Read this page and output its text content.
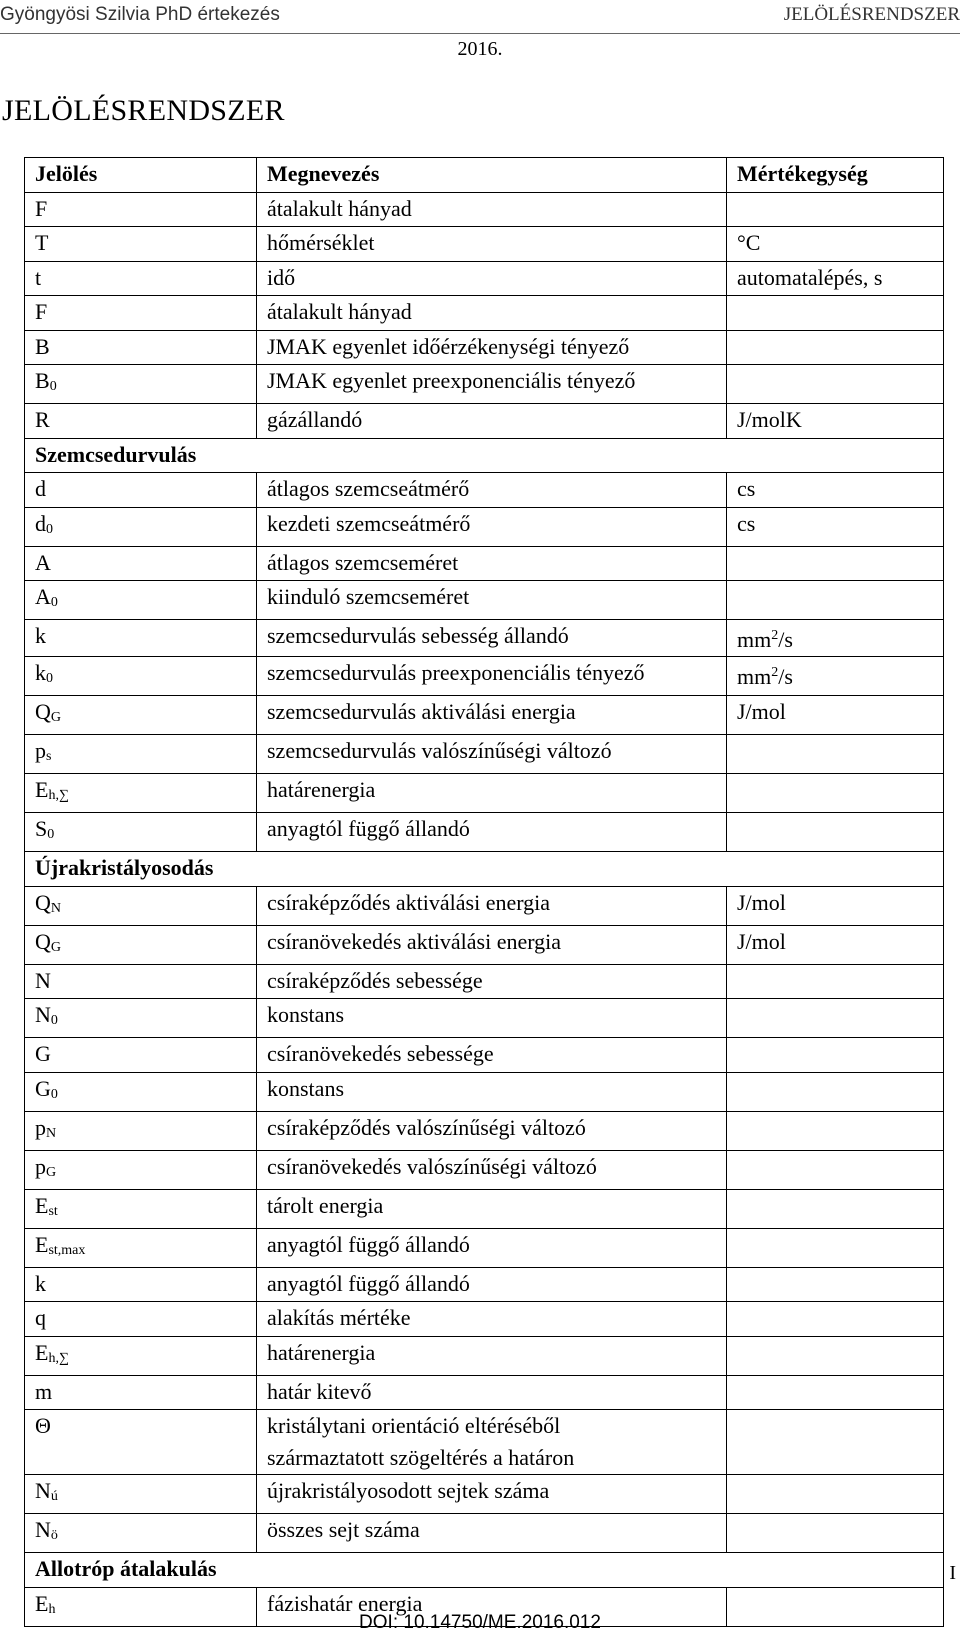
Gyöngyösi Szilvia PhD értekezés	JELÖLÉSRENDSZER
2016.
JELÖLÉSRENDSZER
Jelölés	Megnevezés	Mértékegység
F	átalakult hányad	
T	hőmérséklet	°C
t	idő	automatalépés, s
F	átalakult hányad	
B	JMAK egyenlet időérzékenységi tényező	
$B_0$	JMAK egyenlet preexponenciális tényező	
R	gázállandó	J/molK
Szemcsedurvulás		
d	átlagos szemcseátmérő	cs
$d_0$	kezdeti szemcseátmérő	cs
A	átlagos szemcseméret	
$A_0$	kiinduló szemcseméret	
k	szemcsedurvulás sebesség állandó	$mm^2/s$
$k_0$	szemcsedurvulás preexponenciális tényező	$mm^2/s$
$Q_G$	szemcsedurvulás aktiválási energia	J/mol
$p_s$	szemcsedurvulás valószínűségi változó	
$E_{h,\sum}$	határenergia	
$S_0$	anyagtól függő állandó	
Újrakristályosodás		
$Q_N$	csíraképződés aktiválási energia	J/mol
$Q_G$	csíranövekedés aktiválási energia	J/mol
N	csíraképződés sebessége	
$N_0$	konstans	
G	csíranövekedés sebessége	
$G_0$	konstans	
$p_N$	csíraképződés valószínűségi változó	
$p_G$	csíranövekedés valószínűségi változó	
$E_{st}$	tárolt energia	
$E_{st,max}$	anyagtól függő állandó	
k	anyagtól függő állandó	
q	alakítás mértéke	
$E_{h,\sum}$	határenergia	
m	határ kitevő	
Θ	kristálytani orientáció eltéréséből
származtatott szögeltérés a határon	
$N_ú$	újrakristályosodott sejtek száma	
$N_ö$	összes sejt száma	
Allotróp átalakulás		
$E_h$	fázishatár energia	
I
DOI: 10.14750/ME.2016.012
